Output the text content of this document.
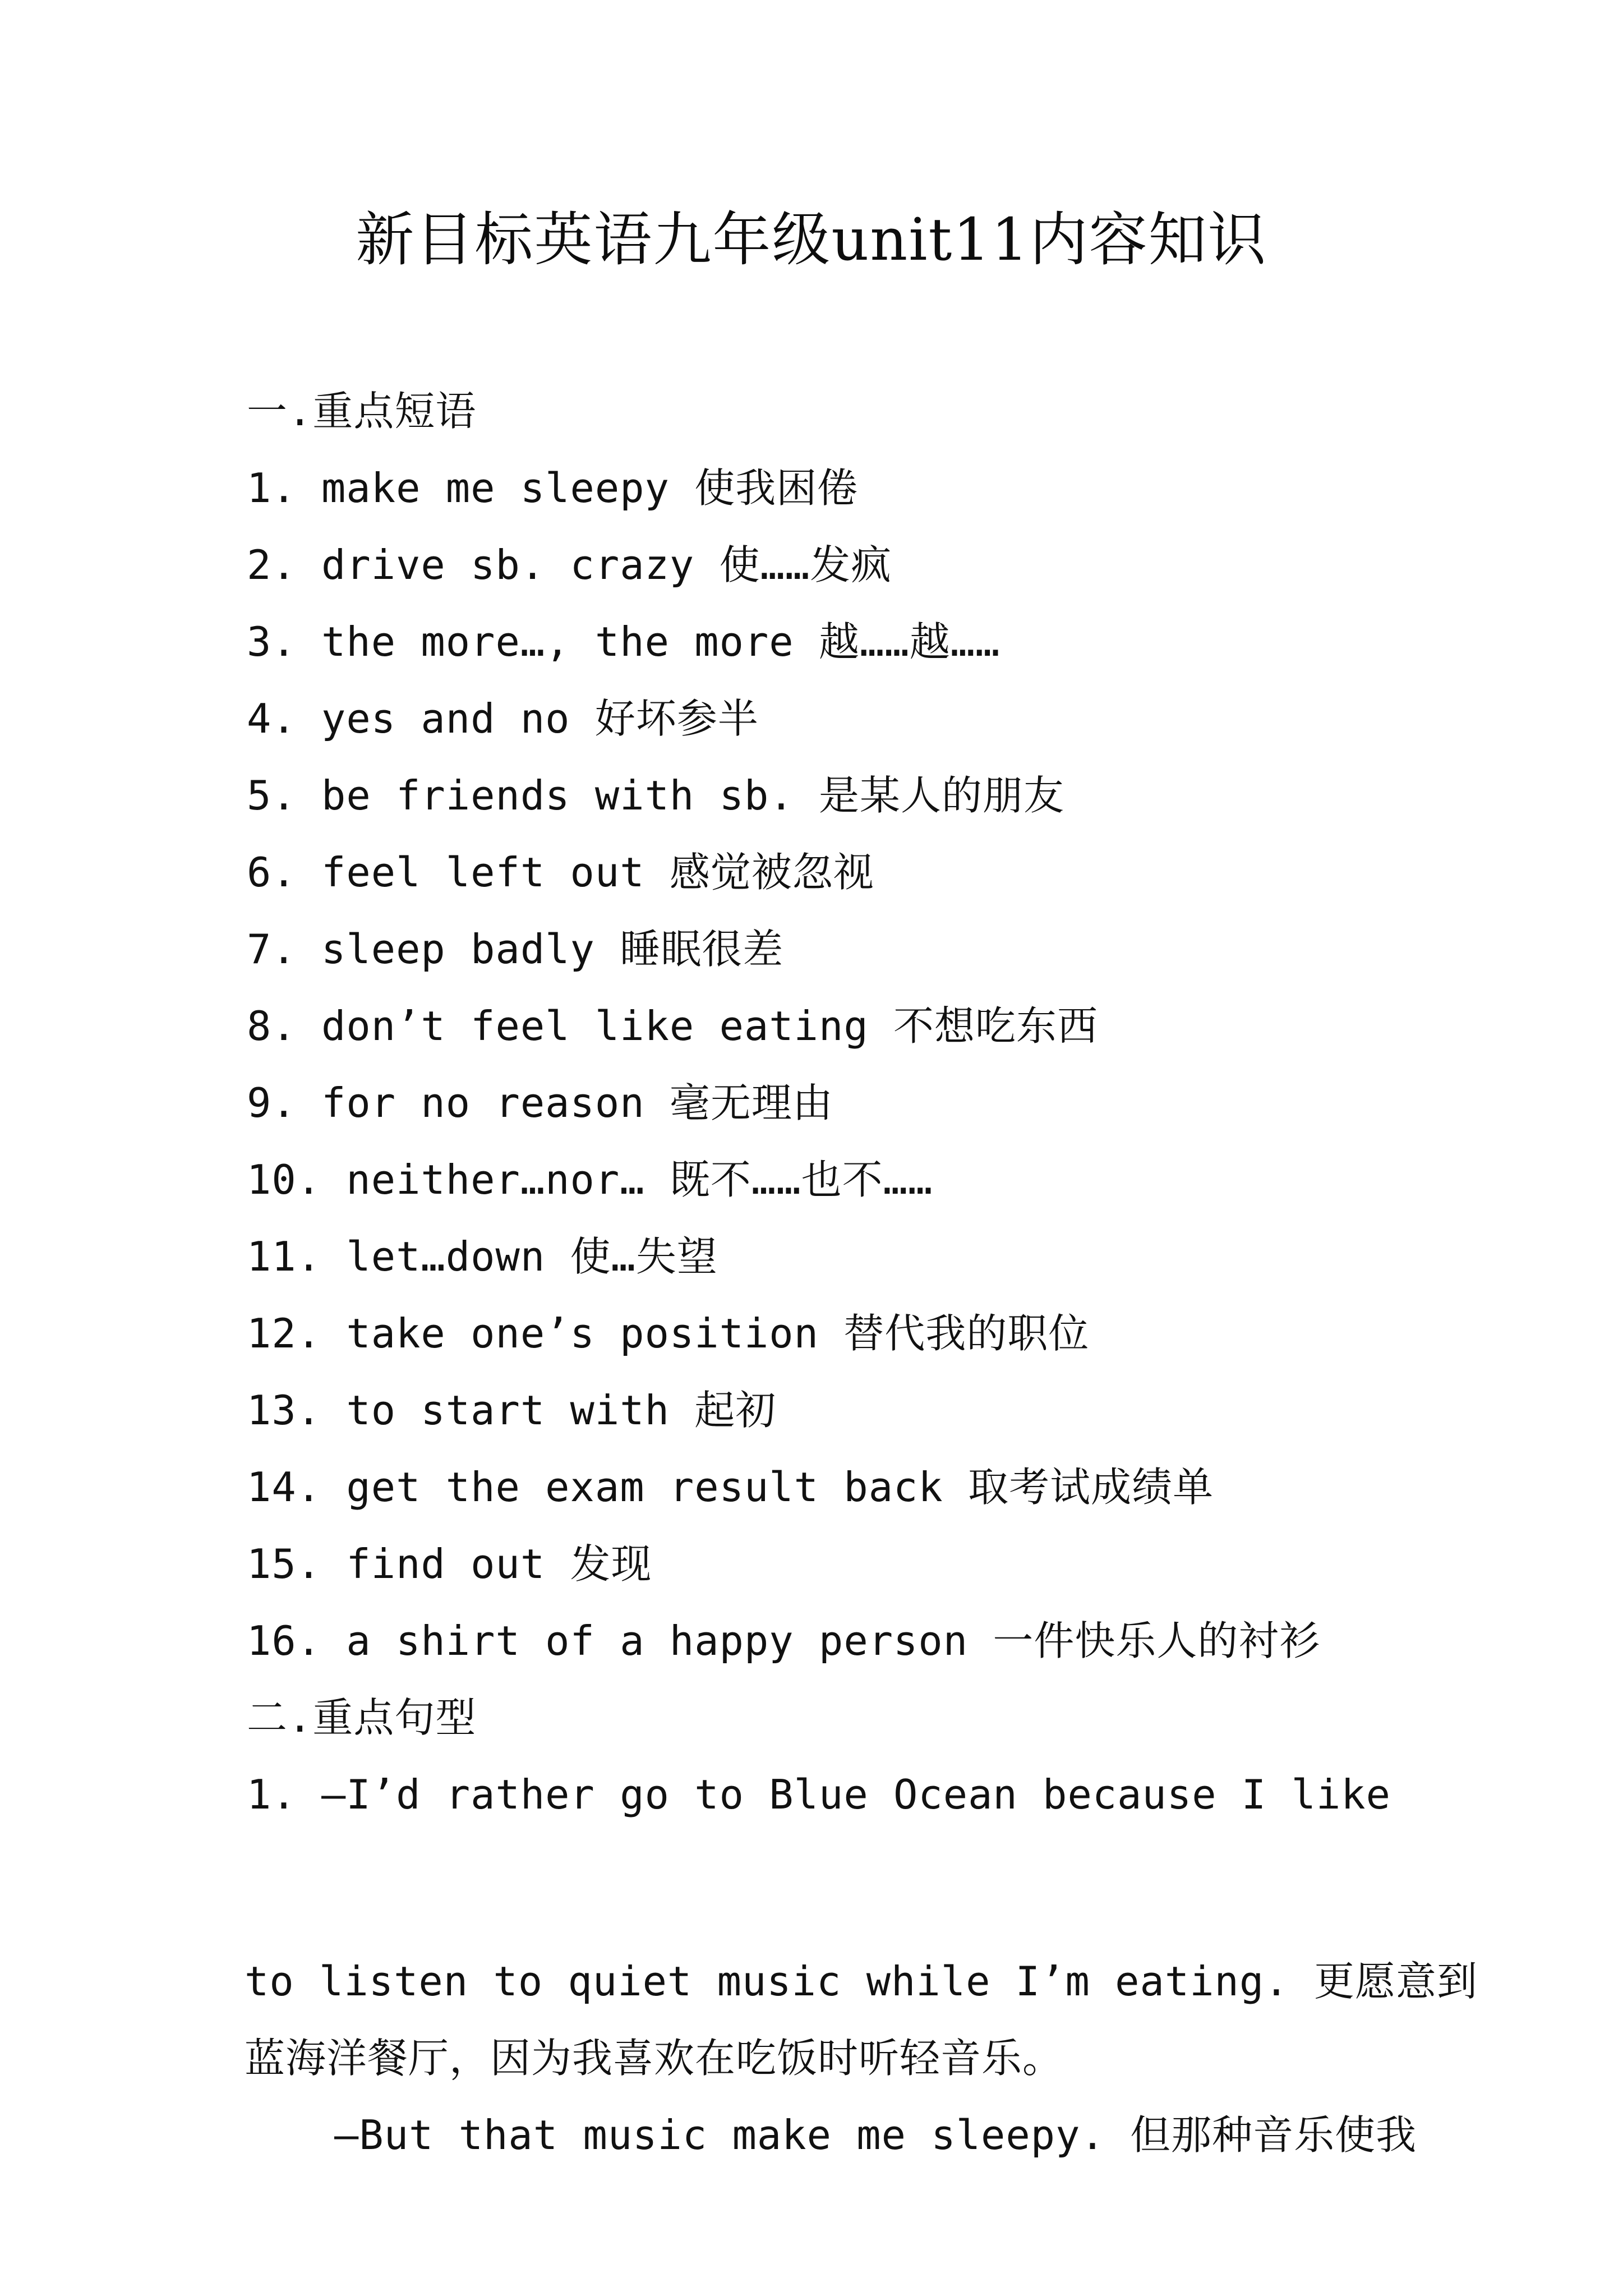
新目标英语九年级unit11内容知识
一.重点短语
1. make me sleepy 使我困倦
2. drive sb. crazy 使……发疯
3. the more…, the more 越……越……
4. yes and no 好坏参半
5. be friends with sb. 是某人的朋友
6. feel left out 感觉被忽视
7. sleep badly 睡眠很差
8. don’t feel like eating 不想吃东西
9. for no reason 毫无理由
10. neither…nor… 既不……也不……
11. let…down 使…失望
12. take one’s position 替代我的职位
13. to start with 起初
14. get the exam result back 取考试成绩单
15. find out 发现
16. a shirt of a happy person 一件快乐人的衬衫
二.重点句型
1. —I’d rather go to Blue Ocean because I like
to listen to quiet music while I’m eating. 更愿意到
蓝海洋餐厅，因为我喜欢在吃饭时听轻音乐。
—But that music make me sleepy. 但那种音乐使我
